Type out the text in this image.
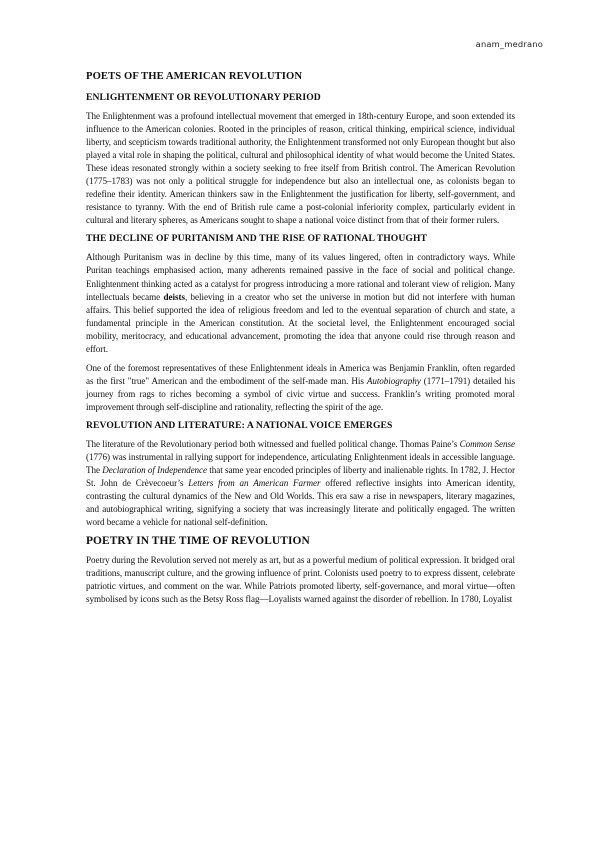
anam_medrano
POETS OF THE AMERICAN REVOLUTION
ENLIGHTENMENT OR REVOLUTIONARY PERIOD

The Enlightenment was a profound intellectual movement that emerged in 18th-century Europe, and soon extended its influence to the American colonies. Rooted in the principles of reason, critical thinking, empirical science, individual liberty, and scepticism towards traditional authority, the Enlightenment transformed not only European thought but also played a vital role in shaping the political, cultural and philosophical identity of what would become the United States. These ideas resonated strongly within a society seeking to free itself from British control. The American Revolution (1775–1783) was not only a political struggle for independence but also an intellectual one, as colonists began to redefine their identity. American thinkers saw in the Enlightenment the justification for liberty, self-government, and resistance to tyranny. With the end of British rule came a post-colonial inferiority complex, particularly evident in cultural and literary spheres, as Americans sought to shape a national voice distinct from that of their former rulers.

THE DECLINE OF PURITANISM AND THE RISE OF RATIONAL THOUGHT

Although Puritanism was in decline by this time, many of its values lingered, often in contradictory ways. While Puritan teachings emphasised action, many adherents remained passive in the face of social and political change. Enlightenment thinking acted as a catalyst for progress introducing a more rational and tolerant view of religion. Many intellectuals became deists, believing in a creator who set the universe in motion but did not interfere with human affairs. This belief supported the idea of religious freedom and led to the eventual separation of church and state, a fundamental principle in the American constitution. At the societal level, the Enlightenment encouraged social mobility, meritocracy, and educational advancement, promoting the idea that anyone could rise through reason and effort.

One of the foremost representatives of these Enlightenment ideals in America was Benjamin Franklin, often regarded as the first "true" American and the embodiment of the self-made man. His Autobiography (1771–1791) detailed his journey from rags to riches becoming a symbol of civic virtue and success. Franklin’s writing promoted moral improvement through self-discipline and rationality, reflecting the spirit of the age.

REVOLUTION AND LITERATURE: A NATIONAL VOICE EMERGES

The literature of the Revolutionary period both witnessed and fuelled political change. Thomas Paine’s Common Sense (1776) was instrumental in rallying support for independence, articulating Enlightenment ideals in accessible language. The Declaration of Independence that same year encoded principles of liberty and inalienable rights. In 1782, J. Hector St. John de Crèvecoeur’s Letters from an American Farmer offered reflective insights into American identity, contrasting the cultural dynamics of the New and Old Worlds. This era saw a rise in newspapers, literary magazines, and autobiographical writing, signifying a society that was increasingly literate and politically engaged. The written word became a vehicle for national self-definition.

POETRY IN THE TIME OF REVOLUTION

Poetry during the Revolution served not merely as art, but as a powerful medium of political expression. It bridged oral traditions, manuscript culture, and the growing influence of print. Colonists used poetry to to express dissent, celebrate patriotic virtues, and comment on the war. While Patriots promoted liberty, self-governance, and moral virtue—often symbolised by icons such as the Betsy Ross flag—Loyalists warned against the disorder of rebellion. In 1780, Loyalist
